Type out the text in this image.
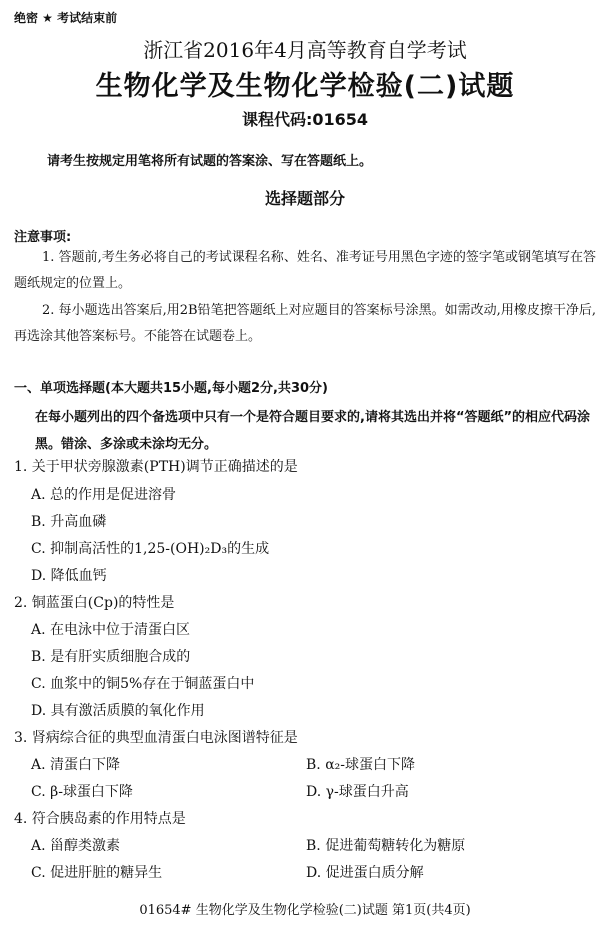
绝密 ★ 考试结束前
浙江省2016年4月高等教育自学考试
生物化学及生物化学检验(二)试题
课程代码:01654
请考生按规定用笔将所有试题的答案涂、写在答题纸上。
选择题部分
注意事项:
1. 答题前,考生务必将自己的考试课程名称、姓名、准考证号用黑色字迹的签字笔或钢笔填写在答题纸规定的位置上。
2. 每小题选出答案后,用2B铅笔把答题纸上对应题目的答案标号涂黑。如需改动,用橡皮擦干净后,再选涂其他答案标号。不能答在试题卷上。
一、单项选择题(本大题共15小题,每小题2分,共30分)
在每小题列出的四个备选项中只有一个是符合题目要求的,请将其选出并将“答题纸”的相应代码涂黑。错涂、多涂或未涂均无分。
1. 关于甲状旁腺激素(PTH)调节正确描述的是
A. 总的作用是促进溶骨
B. 升高血磷
C. 抑制高活性的1,25-(OH)₂D₃的生成
D. 降低血钙
2. 铜蓝蛋白(Cp)的特性是
A. 在电泳中位于清蛋白区
B. 是有肝实质细胞合成的
C. 血浆中的铜5%存在于铜蓝蛋白中
D. 具有激活质膜的氧化作用
3. 肾病综合征的典型血清蛋白电泳图谱特征是
A. 清蛋白下降	B. α₂-球蛋白下降
C. β-球蛋白下降	D. γ-球蛋白升高
4. 符合胰岛素的作用特点是
A. 甾醇类激素	B. 促进葡萄糖转化为糖原
C. 促进肝脏的糖异生	D. 促进蛋白质分解
01654# 生物化学及生物化学检验(二)试题 第1页(共4页)
